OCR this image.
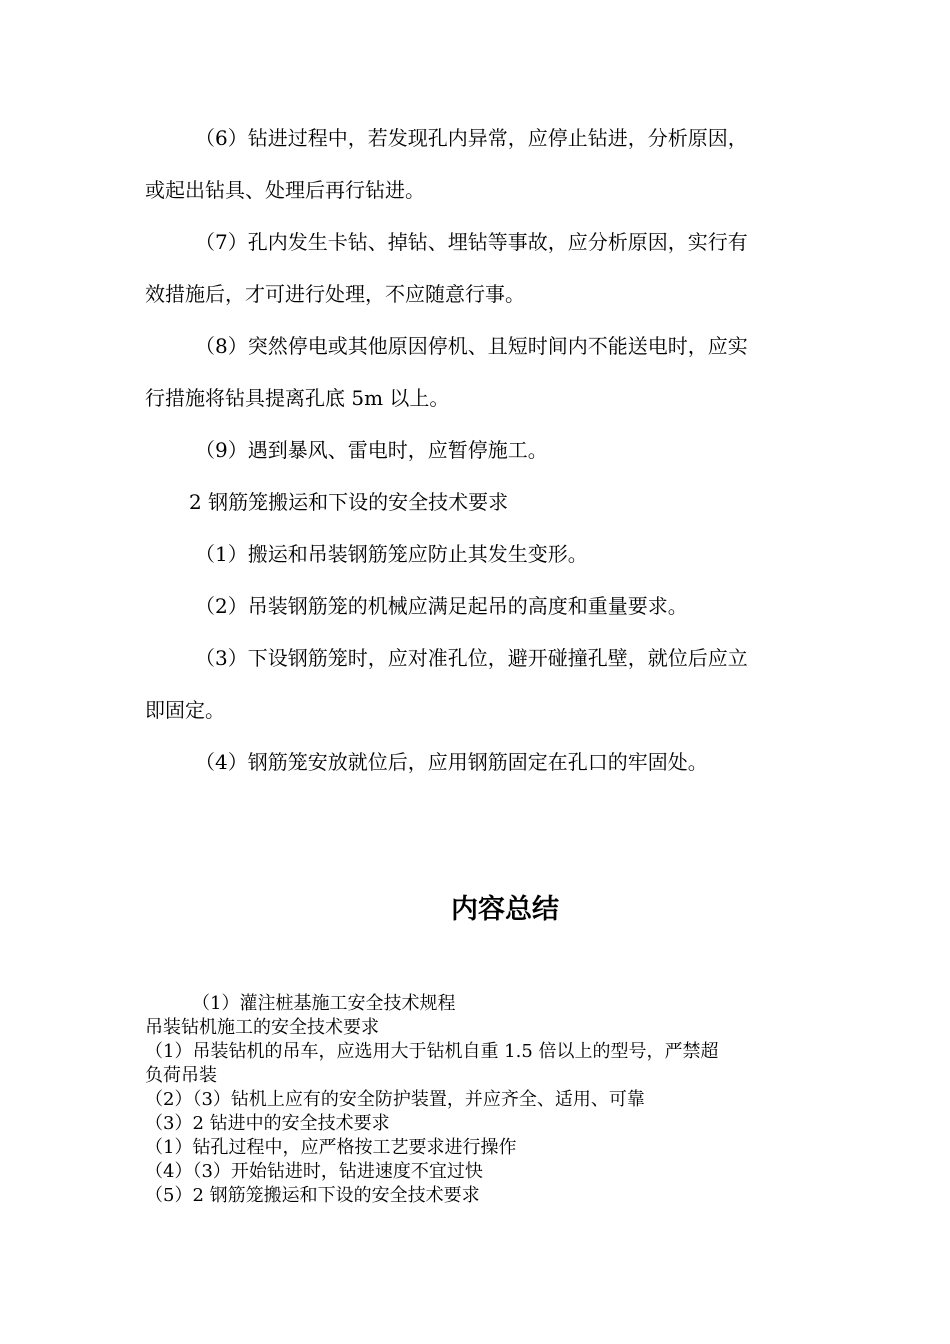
（6）钻进过程中，若发现孔内异常，应停止钻进，分析原因，

或起出钻具、处理后再行钻进。

（7）孔内发生卡钻、掉钻、埋钻等事故，应分析原因，实行有

效措施后，才可进行处理，不应随意行事。

（8）突然停电或其他原因停机、且短时间内不能送电时，应实

行措施将钻具提离孔底 5m 以上。

（9）遇到暴风、雷电时，应暂停施工。

2 钢筋笼搬运和下设的安全技术要求

（1）搬运和吊装钢筋笼应防止其发生变形。

（2）吊装钢筋笼的机械应满足起吊的高度和重量要求。

（3）下设钢筋笼时，应对准孔位，避开碰撞孔壁，就位后应立

即固定。

（4）钢筋笼安放就位后，应用钢筋固定在孔口的牢固处。

内容总结

（1）灌注桩基施工安全技术规程

吊装钻机施工的安全技术要求

（1）吊装钻机的吊车，应选用大于钻机自重 1.5 倍以上的型号，严禁超

负荷吊装

（2）（3）钻机上应有的安全防护装置，并应齐全、适用、可靠

（3）2 钻进中的安全技术要求

（1）钻孔过程中，应严格按工艺要求进行操作

（4）（3）开始钻进时，钻进速度不宜过快

（5）2 钢筋笼搬运和下设的安全技术要求
